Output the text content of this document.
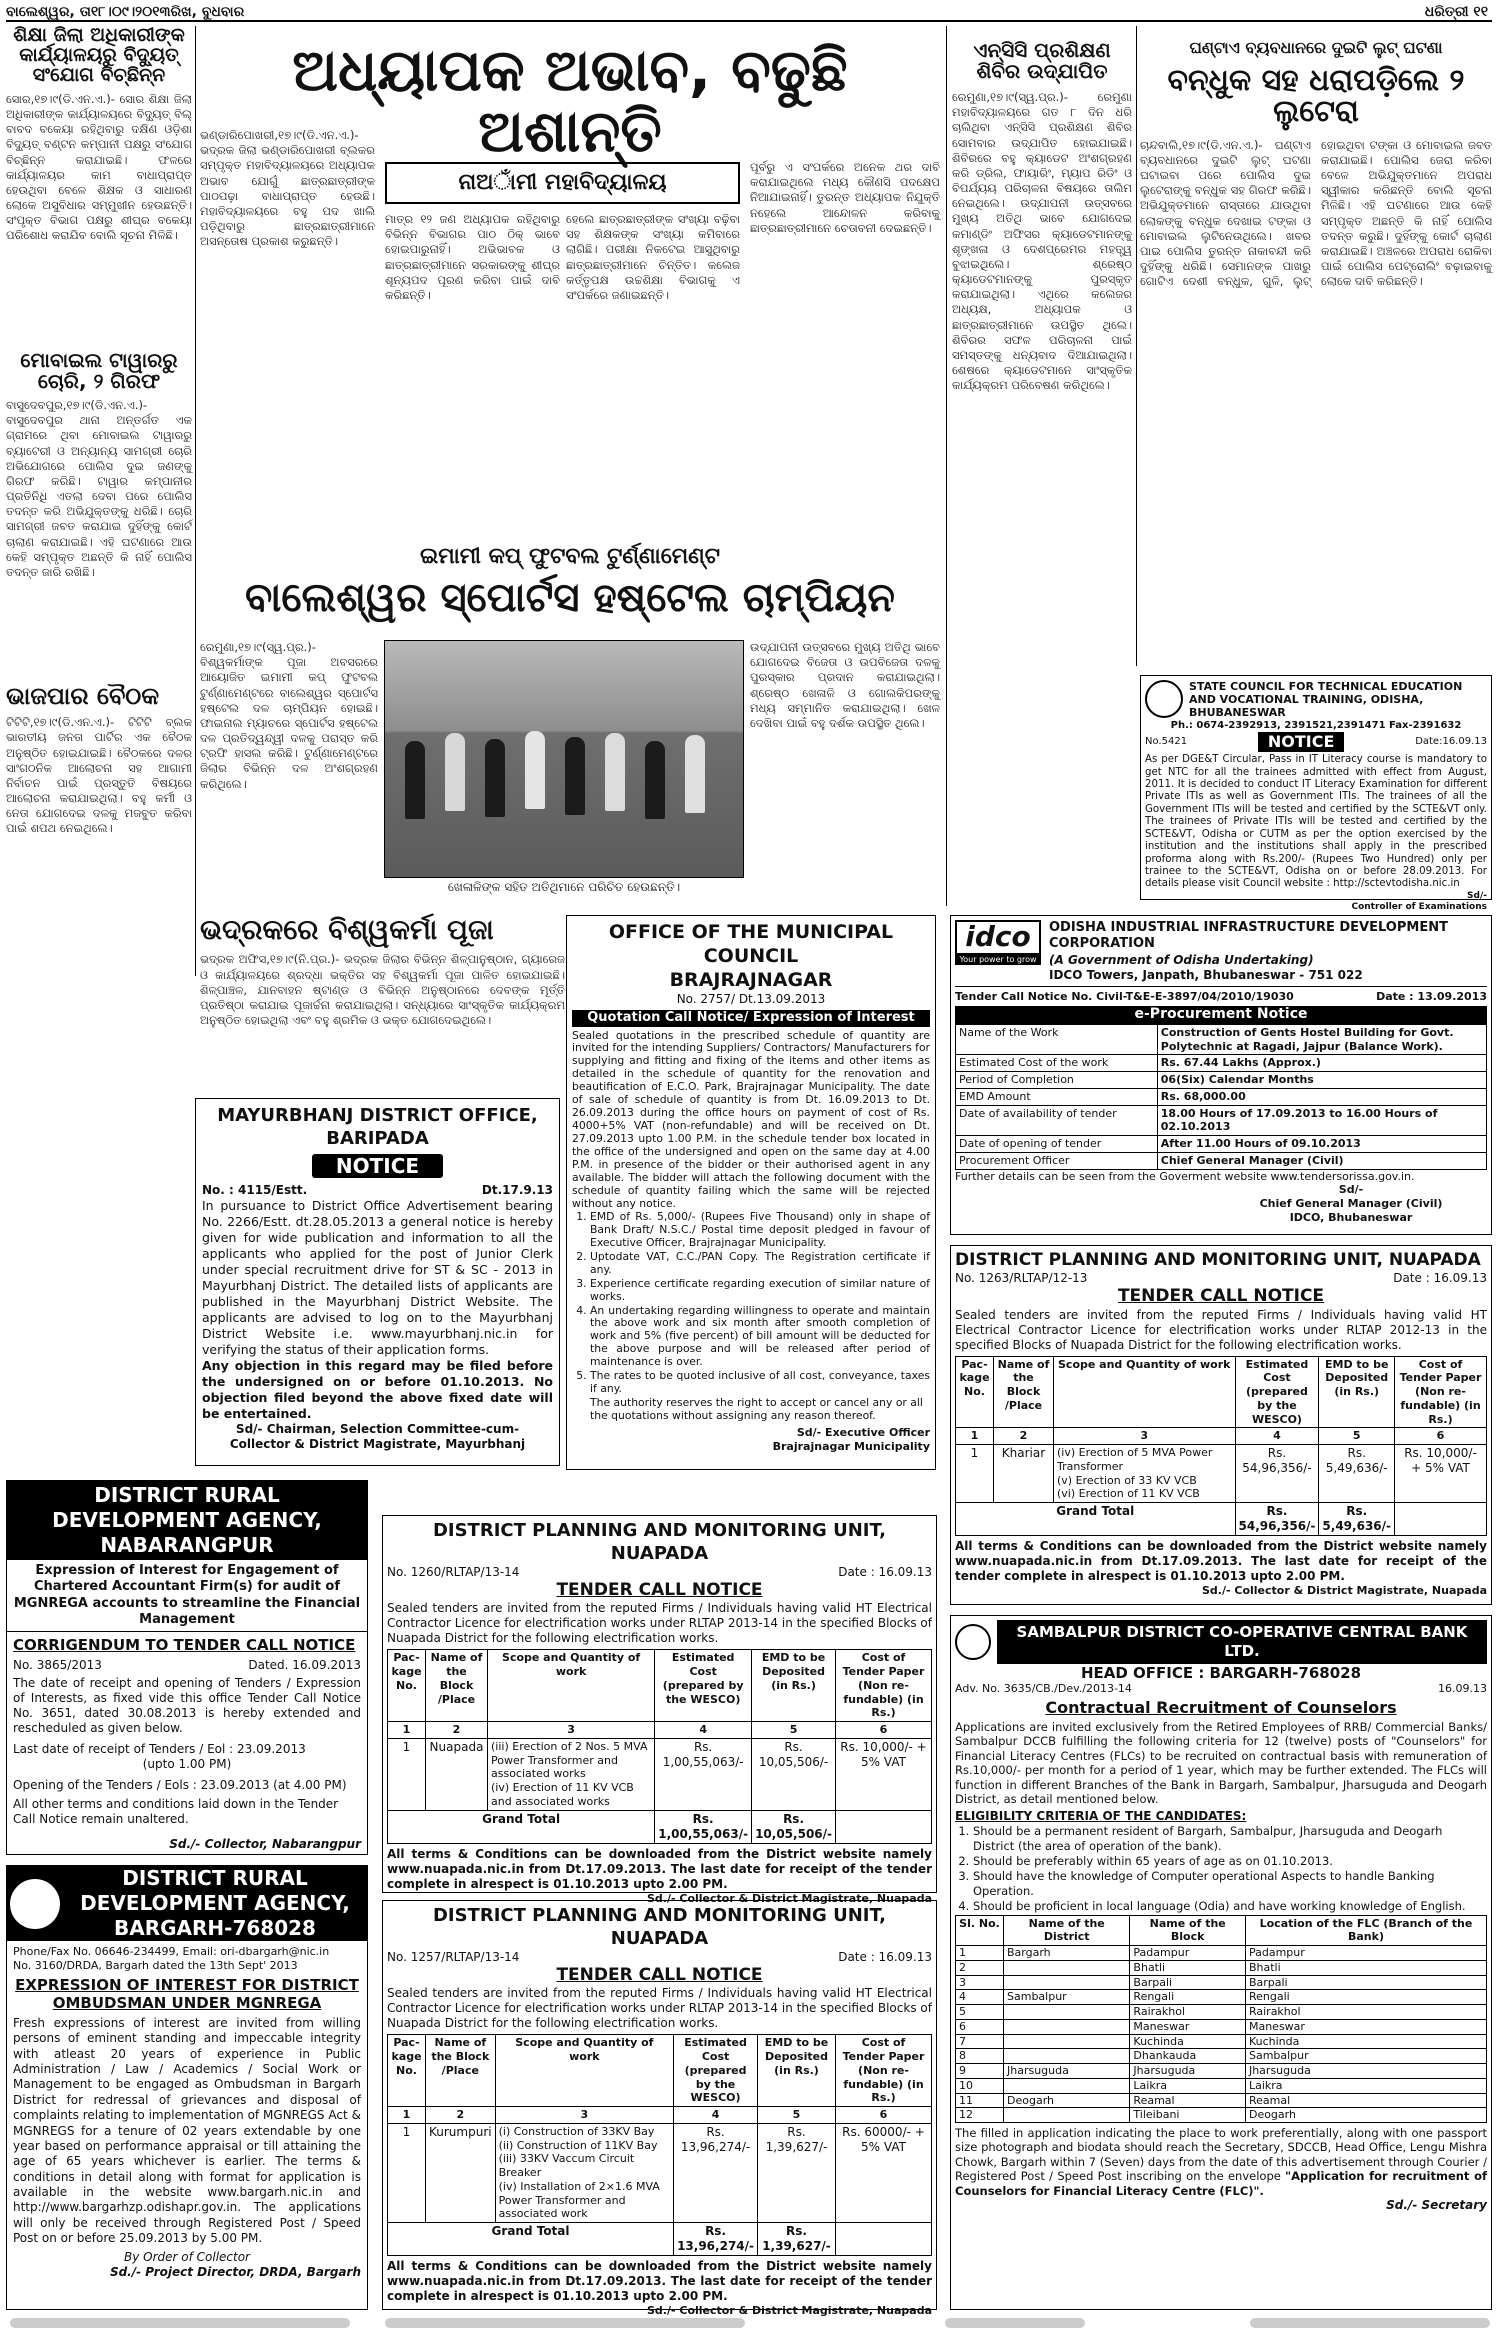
ବାଲେଶ୍ୱର, ତା୧୮।୦୯।୨୦୧୩ରିଖ, ବୁଧବାର	ଧରିତ୍ରୀ ୧୧
ଶିକ୍ଷା ଜିଲା ଅଧିକାରୀଙ୍କ କାର୍ଯ୍ୟାଳୟରୁ ବିଦ୍ୟୁତ୍ ସଂଯୋଗ ବିଚ୍ଛିନ୍ନ
ସୋର,୧୭।୯(ଡି.ଏନ.ଏ.)- ସୋର ଶିକ୍ଷା ଜିଲା ଅଧିକାରୀଙ୍କ କାର୍ଯ୍ୟାଳୟରେ ବିଦ୍ୟୁତ୍ ବିଲ୍ ବାବଦ ବକେୟା ରହିଥିବାରୁ ଦକ୍ଷିଣ ଓଡ଼ିଶା ବିଦ୍ୟୁତ୍ ବଣ୍ଟନ କମ୍ପାନୀ ପକ୍ଷରୁ ସଂଯୋଗ ବିଚ୍ଛିନ୍ନ କରାଯାଇଛି। ଫଳରେ କାର୍ଯ୍ୟାଳୟର କାମ ବାଧାପ୍ରାପ୍ତ ହେଉଥିବା ବେଳେ ଶିକ୍ଷକ ଓ ସାଧାରଣ ଲୋକେ ଅସୁବିଧାର ସମ୍ମୁଖୀନ ହେଉଛନ୍ତି। ସଂପୃକ୍ତ ବିଭାଗ ପକ୍ଷରୁ ଶୀଘ୍ର ବକେୟା ପରିଶୋଧ କରାଯିବ ବୋଲି ସୂଚନା ମିଳିଛି।
ମୋବାଇଲ ଟାୱାରରୁ ଚୋରି, ୨ ଗିରଫ
ବାସୁଦେବପୁର,୧୭।୯(ଡି.ଏନ.ଏ.)- ବାସୁଦେବପୁର ଥାନା ଅନ୍ତର୍ଗତ ଏକ ଗ୍ରାମରେ ଥିବା ମୋବାଇଲ ଟାୱାରରୁ ବ୍ୟାଟେରୀ ଓ ଅନ୍ୟାନ୍ୟ ସାମଗ୍ରୀ ଚୋରି ଅଭିଯୋଗରେ ପୋଲିସ ଦୁଇ ଜଣଙ୍କୁ ଗିରଫ କରିଛି। ଟାୱାର କମ୍ପାନୀର ପ୍ରତିନିଧି ଏତଲା ଦେବା ପରେ ପୋଲିସ ତଦନ୍ତ କରି ଅଭିଯୁକ୍ତଙ୍କୁ ଧରିଛି। ଚୋରି ସାମଗ୍ରୀ ଜବତ କରାଯାଇ ଦୁହିଁଙ୍କୁ କୋର୍ଟ ଚାଲାଣ କରାଯାଇଛି। ଏହି ଘଟଣାରେ ଆଉ କେହି ସମ୍ପୃକ୍ତ ଅଛନ୍ତି କି ନାହିଁ ପୋଲିସ ତଦନ୍ତ ଜାରି ରଖିଛି।
ଭାଜପାର ବୈଠକ
ଟିଟିଟି,୧୭।୯(ଡି.ଏନ.ଏ.)- ଟିଟିଟି ବ୍ଲକ ଭାରତୀୟ ଜନତା ପାର୍ଟିର ଏକ ବୈଠକ ଅନୁଷ୍ଠିତ ହୋଇଯାଇଛି। ବୈଠକରେ ଦଳର ସାଂଗଠନିକ ଆଲୋଚନା ସହ ଆଗାମୀ ନିର୍ବାଚନ ପାଇଁ ପ୍ରସ୍ତୁତି ବିଷୟରେ ଆଲୋଚନା କରାଯାଇଥିଲା। ବହୁ କର୍ମୀ ଓ ନେତା ଯୋଗଦେଇ ଦଳକୁ ମଜବୁତ କରିବା ପାଇଁ ଶପଥ ନେଇଥିଲେ।
ଅଧ୍ୟାପକ ଅଭାବ, ବଢୁଛି ଅଶାନ୍ତି
ଭଣ୍ଡାରିପୋଖରୀ,୧୭।୯(ଡି.ଏନ.ଏ.)- ଭଦ୍ରକ ଜିଲା ଭଣ୍ଡାରିପୋଖରୀ ବ୍ଲକର ସମ୍ପୃକ୍ତ ମହାବିଦ୍ୟାଳୟରେ ଅଧ୍ୟାପକ ଅଭାବ ଯୋଗୁଁ ଛାତ୍ରଛାତ୍ରୀଙ୍କ ପାଠପଢ଼ା ବାଧାପ୍ରାପ୍ତ ହେଉଛି। ମହାବିଦ୍ୟାଳୟରେ ବହୁ ପଦ ଖାଲି ପଡ଼ିଥିବାରୁ ଛାତ୍ରଛାତ୍ରୀମାନେ ଅସନ୍ତୋଷ ପ୍ରକାଶ କରୁଛନ୍ତି।
ନାଅାଁମୀ ମହାବିଦ୍ୟାଳୟ
ମାତ୍ର ୧୨ ଜଣ ଅଧ୍ୟାପକ ରହିଥିବାରୁ ବିଭିନ୍ନ ବିଭାଗର ପାଠ ଠିକ୍ ଭାବେ ହୋଇପାରୁନାହିଁ। ଅଭିଭାବକ ଓ ଛାତ୍ରଛାତ୍ରୀମାନେ ସରକାରଙ୍କୁ ଶୀଘ୍ର ଶୂନ୍ୟପଦ ପୂରଣ କରିବା ପାଇଁ ଦାବି କରିଛନ୍ତି।
ହେଲେ ଛାତ୍ରଛାତ୍ରୀଙ୍କ ସଂଖ୍ୟା ବଢ଼ିବା ସହ ଶିକ୍ଷକଙ୍କ ସଂଖ୍ୟା କମିବାରେ ଲାଗିଛି। ପରୀକ୍ଷା ନିକଟେଇ ଆସୁଥିବାରୁ ଛାତ୍ରଛାତ୍ରୀମାନେ ଚିନ୍ତିତ। କଲେଜ କର୍ତ୍ତୃପକ୍ଷ ଉଚ୍ଚଶିକ୍ଷା ବିଭାଗକୁ ଏ ସଂପର୍କରେ ଜଣାଇଛନ୍ତି।
ପୂର୍ବରୁ ଏ ସଂପର୍କରେ ଅନେକ ଥର ଦାବି କରାଯାଇଥିଲେ ମଧ୍ୟ କୌଣସି ପଦକ୍ଷେପ ନିଆଯାଇନାହିଁ। ତୁରନ୍ତ ଅଧ୍ୟାପକ ନିଯୁକ୍ତି ନହେଲେ ଆନ୍ଦୋଳନ କରିବାକୁ ଛାତ୍ରଛାତ୍ରୀମାନେ ଚେତାବନୀ ଦେଇଛନ୍ତି।
ଏନ୍‌ସିସି ପ୍ରଶିକ୍ଷଣ ଶିବିର ଉଦ୍‌ଯାପିତ
ରେମୁଣା,୧୭।୯(ସ୍ୱ.ପ୍ର.)- ରେମୁଣା ମହାବିଦ୍ୟାଳୟରେ ଗତ ୮ ଦିନ ଧରି ଚାଲିଥିବା ଏନ୍‌ସିସି ପ୍ରଶିକ୍ଷଣ ଶିବିର ସୋମବାର ଉଦ୍‌ଯାପିତ ହୋଇଯାଇଛି। ଶିବିରରେ ବହୁ କ୍ୟାଡେଟ ଅଂଶଗ୍ରହଣ କରି ଡ୍ରିଲ, ଫାୟାରିଂ, ମ୍ୟାପ ରିଡିଂ ଓ ବିପର୍ଯ୍ୟୟ ପରିଚାଳନା ବିଷୟରେ ତାଲିମ ନେଇଥିଲେ। ଉଦ୍‌ଯାପନୀ ଉତ୍ସବରେ ମୁଖ୍ୟ ଅତିଥି ଭାବେ ଯୋଗଦେଇ କମାଣ୍ଡିଂ ଅଫିସର କ୍ୟାଡେଟମାନଙ୍କୁ ଶୃଙ୍ଖଳା ଓ ଦେଶପ୍ରେମର ମହତ୍ତ୍ୱ ବୁଝାଇଥିଲେ। ଶ୍ରେଷ୍ଠ କ୍ୟାଡେଟମାନଙ୍କୁ ପୁରସ୍କୃତ କରାଯାଇଥିଲା। ଏଥିରେ କଲେଜର ଅଧ୍ୟକ୍ଷ, ଅଧ୍ୟାପକ ଓ ଛାତ୍ରଛାତ୍ରୀମାନେ ଉପସ୍ଥିତ ଥିଲେ। ଶିବିରର ସଫଳ ପରିଚାଳନା ପାଇଁ ସମସ୍ତଙ୍କୁ ଧନ୍ୟବାଦ ଦିଆଯାଇଥିଲା। ଶେଷରେ କ୍ୟାଡେଟମାନେ ସାଂସ୍କୃତିକ କାର୍ଯ୍ୟକ୍ରମ ପରିବେଷଣ କରିଥିଲେ।
ଘଣ୍ଟାଏ ବ୍ୟବଧାନରେ ଦୁଇଟି ଲୁଟ୍ ଘଟଣା
ବନ୍ଧୁକ ସହ ଧରାପଡ଼ିଲେ ୨ ଲୁଟେରା
ଚାନ୍ଦବାଲି,୧୭।୯(ଡି.ଏନ.ଏ.)- ଘଣ୍ଟାଏ ବ୍ୟବଧାନରେ ଦୁଇଟି ଲୁଟ୍ ଘଟଣା ଘଟାଇବା ପରେ ପୋଲିସ ଦୁଇ ଲୁଟେରାଙ୍କୁ ବନ୍ଧୁକ ସହ ଗିରଫ କରିଛି। ଅଭିଯୁକ୍ତମାନେ ରାସ୍ତାରେ ଯାଉଥିବା ଲୋକଙ୍କୁ ବନ୍ଧୁକ ଦେଖାଇ ଟଙ୍କା ଓ ମୋବାଇଲ ଲୁଟିନେଉଥିଲେ। ଖବର ପାଇ ପୋଲିସ ତୁରନ୍ତ ନାକାବନ୍ଦୀ କରି ଦୁହିଁଙ୍କୁ ଧରିଛି। ସେମାନଙ୍କ ପାଖରୁ ଗୋଟିଏ ଦେଶୀ ବନ୍ଧୁକ, ଗୁଳି, ଲୁଟ୍ ହୋଇଥିବା ଟଙ୍କା ଓ ମୋବାଇଲ ଜବତ କରାଯାଇଛି। ପୋଲିସ ଜେରା କରିବା ବେଳେ ଅଭିଯୁକ୍ତମାନେ ଅପରାଧ ସ୍ୱୀକାର କରିଛନ୍ତି ବୋଲି ସୂଚନା ମିଳିଛି। ଏହି ଘଟଣାରେ ଆଉ କେହି ସମ୍ପୃକ୍ତ ଅଛନ୍ତି କି ନାହିଁ ପୋଲିସ ତଦନ୍ତ କରୁଛି। ଦୁହିଁଙ୍କୁ କୋର୍ଟ ଚାଲାଣ କରାଯାଇଛି। ଅଞ୍ଚଳରେ ଅପରାଧ ରୋକିବା ପାଇଁ ପୋଲିସ ପେଟ୍ରୋଲିଂ ବଢ଼ାଇବାକୁ ଲୋକେ ଦାବି କରିଛନ୍ତି।
ଇମାମୀ କପ୍ ଫୁଟବଲ ଟୁର୍ଣ୍ଣାମେଣ୍ଟ
ବାଲେଶ୍ୱର ସ୍ପୋର୍ଟସ ହଷ୍ଟେଲ ଚାମ୍ପିୟନ
ରେମୁଣା,୧୭।୯(ସ୍ୱ.ପ୍ର.)- ବିଶ୍ୱକର୍ମାଙ୍କ ପୂଜା ଅବସରରେ ଆୟୋଜିତ ଇମାମୀ କପ୍ ଫୁଟବଲ ଟୁର୍ଣ୍ଣାମେଣ୍ଟରେ ବାଲେଶ୍ୱର ସ୍ପୋର୍ଟସ ହଷ୍ଟେଲ ଦଳ ଚାମ୍ପିୟନ ହୋଇଛି। ଫାଇନାଲ ମ୍ୟାଚରେ ସ୍ପୋର୍ଟସ ହଷ୍ଟେଲ ଦଳ ପ୍ରତିଦ୍ୱନ୍ଦ୍ୱୀ ଦଳକୁ ପରାସ୍ତ କରି ଟ୍ରଫି ହାସଲ କରିଛି। ଟୁର୍ଣ୍ଣାମେଣ୍ଟରେ ଜିଲାର ବିଭିନ୍ନ ଦଳ ଅଂଶଗ୍ରହଣ କରିଥିଲେ।
ଖେଳାଳିଙ୍କ ସହିତ ଅତିଥିମାନେ ପରିଚିତ ହେଉଛନ୍ତି।
ଉଦ୍‌ଯାପନୀ ଉତ୍ସବରେ ମୁଖ୍ୟ ଅତିଥି ଭାବେ ଯୋଗଦେଇ ବିଜେତା ଓ ଉପବିଜେତା ଦଳକୁ ପୁରସ୍କାର ପ୍ରଦାନ କରାଯାଇଥିଲା। ଶ୍ରେଷ୍ଠ ଖେଳାଳି ଓ ଗୋଲକିପରଙ୍କୁ ମଧ୍ୟ ସମ୍ମାନିତ କରାଯାଇଥିଲା। ଖେଳ ଦେଖିବା ପାଇଁ ବହୁ ଦର୍ଶକ ଉପସ୍ଥିତ ଥିଲେ।
STATE COUNCIL FOR TECHNICAL EDUCATION AND VOCATIONAL TRAINING, ODISHA, BHUBANESWAR
Ph.: 0674-2392913, 2391521,2391471 Fax-2391632
No.5421	NOTICE	Date:16.09.13
As per DGE&T Circular, Pass in IT Literacy course is mandatory to get NTC for all the trainees admitted with effect from August, 2011. It is decided to conduct IT Literacy Examination for different Private ITIs as well as Government ITIs. The trainees of all the Government ITIs will be tested and certified by the SCTE&VT only. The trainees of Private ITIs will be tested and certified by the SCTE&VT, Odisha or CUTM as per the option exercised by the institution and the institutions shall apply in the prescribed proforma along with Rs.200/- (Rupees Two Hundred) only per trainee to the SCTE&VT, Odisha on or before 28.09.2013. For details please visit Council website : http://sctevtodisha.nic.in
Sd/-
Controller of Examinations
ଭଦ୍ରକରେ ବିଶ୍ୱକର୍ମା ପୂଜା
ଭଦ୍ରକ ଅଫିସ,୧୭।୯(ନି.ପ୍ର.)- ଭଦ୍ରକ ଜିଲାର ବିଭିନ୍ନ ଶିଳ୍ପାନୁଷ୍ଠାନ, ଗ୍ୟାରେଜ ଓ କାର୍ଯ୍ୟାଳୟରେ ଶ୍ରଦ୍ଧା ଭକ୍ତିର ସହ ବିଶ୍ୱକର୍ମା ପୂଜା ପାଳିତ ହୋଇଯାଇଛି। ଶିଳ୍ପାଞ୍ଚଳ, ଯାନବାହନ ଷ୍ଟାଣ୍ଡ ଓ ବିଭିନ୍ନ ଅନୁଷ୍ଠାନରେ ଦେବଙ୍କ ମୂର୍ତ୍ତି ପ୍ରତିଷ୍ଠା କରାଯାଇ ପୂଜାର୍ଚ୍ଚନା କରାଯାଇଥିଲା। ସନ୍ଧ୍ୟାରେ ସାଂସ୍କୃତିକ କାର୍ଯ୍ୟକ୍ରମ ଅନୁଷ୍ଠିତ ହୋଇଥିଲା ଏବଂ ବହୁ ଶ୍ରମିକ ଓ ଭକ୍ତ ଯୋଗଦେଇଥିଲେ।
MAYURBHANJ DISTRICT OFFICE, BARIPADA
NOTICE
No. : 4115/Estt.	Dt.17.9.13
In pursuance to District Office Advertisement bearing No. 2266/Estt. dt.28.05.2013 a general notice is hereby given for wide publication and information to all the applicants who applied for the post of Junior Clerk under special recruitment drive for ST & SC - 2013 in Mayurbhanj District. The detailed lists of applicants are published in the Mayurbhanj District Website. The applicants are advised to log on to the Mayurbhanj District Website i.e. www.mayurbhanj.nic.in for verifying the status of their application forms.
Any objection in this regard may be filed before the undersigned on or before 01.10.2013. No objection filed beyond the above fixed date will be entertained.
Sd/- Chairman, Selection Committee-cum-
Collector & District Magistrate, Mayurbhanj
OFFICE OF THE MUNICIPAL COUNCIL
BRAJRAJNAGAR
No. 2757/ Dt.13.09.2013
Quotation Call Notice/ Expression of Interest
Sealed quotations in the prescribed schedule of quantity are invited for the intending Suppliers/ Contractors/ Manufacturers for supplying and fitting and fixing of the items and other items as detailed in the schedule of quantity for the renovation and beautification of E.C.O. Park, Brajrajnagar Municipality. The date of sale of schedule of quantity is from Dt. 16.09.2013 to Dt. 26.09.2013 during the office hours on payment of cost of Rs. 4000+5% VAT (non-refundable) and will be received on Dt. 27.09.2013 upto 1.00 P.M. in the schedule tender box located in the office of the undersigned and open on the same day at 4.00 P.M. in presence of the bidder or their authorised agent in any available. The bidder will attach the following document with the schedule of quantity failing which the same will be rejected without any notice.
1. EMD of Rs. 5,000/- (Rupees Five Thousand) only in shape of Bank Draft/ N.S.C./ Postal time deposit pledged in favour of Executive Officer, Brajrajnagar Municipality.
2. Uptodate VAT, C.C./PAN Copy. The Registration certificate if any.
3. Experience certificate regarding execution of similar nature of works.
4. An undertaking regarding willingness to operate and maintain the above work and six month after smooth completion of work and 5% (five percent) of bill amount will be deducted for the above purpose and will be released after period of maintenance is over.
5. The rates to be quoted inclusive of all cost, conveyance, taxes if any.
The authority reserves the right to accept or cancel any or all the quotations without assigning any reason thereof.
Sd/- Executive Officer
Brajrajnagar Municipality
idco
Your power to grow
ODISHA INDUSTRIAL INFRASTRUCTURE DEVELOPMENT CORPORATION
(A Government of Odisha Undertaking)
IDCO Towers, Janpath, Bhubaneswar - 751 022
Tender Call Notice No. Civil-T&E-E-3897/04/2010/19030	Date : 13.09.2013
e-Procurement Notice
Name of the Work	Construction of Gents Hostel Building for Govt. Polytechnic at Ragadi, Jajpur (Balance Work).
Estimated Cost of the work	Rs. 67.44 Lakhs (Approx.)
Period of Completion	06(Six) Calendar Months
EMD Amount	Rs. 68,000.00
Date of availability of tender	18.00 Hours of 17.09.2013 to 16.00 Hours of 02.10.2013
Date of opening of tender	After 11.00 Hours of 09.10.2013
Procurement Officer	Chief General Manager (Civil)
Further details can be seen from the Goverment website www.tendersorissa.gov.in.
Sd/-
Chief General Manager (Civil)
IDCO, Bhubaneswar
DISTRICT PLANNING AND MONITORING UNIT, NUAPADA
No. 1263/RLTAP/12-13	Date : 16.09.13
TENDER CALL NOTICE
Sealed tenders are invited from the reputed Firms / Individuals having valid HT Electrical Contractor Licence for electrification works under RLTAP 2012-13 in the specified Blocks of Nuapada District for the following electrification works.
Pac-kage No.	Name of the Block /Place	Scope and Quantity of work	Estimated Cost (prepared by the WESCO)	EMD to be Deposited (in Rs.)	Cost of Tender Paper (Non re-fundable) (in Rs.)
1	2	3	4	5	6
1	Khariar	(iv) Erection of 5 MVA Power Transformer
(v) Erection of 33 KV VCB
(vi) Erection of 11 KV VCB	Rs. 54,96,356/-	Rs. 5,49,636/-	Rs. 10,000/- + 5% VAT
Grand Total			Rs. 54,96,356/-	Rs. 5,49,636/-	
All terms & Conditions can be downloaded from the District website namely www.nuapada.nic.in from Dt.17.09.2013. The last date for receipt of the tender complete in alrespect is 01.10.2013 upto 2.00 PM.
Sd./- Collector & District Magistrate, Nuapada
DISTRICT RURAL DEVELOPMENT AGENCY, NABARANGPUR
Expression of Interest for Engagement of Chartered Accountant Firm(s) for audit of MGNREGA accounts to streamline the Financial Management
CORRIGENDUM TO TENDER CALL NOTICE
No. 3865/2013	Dated. 16.09.2013
The date of receipt and opening of Tenders / Expression of Interests, as fixed vide this office Tender Call Notice No. 3651, dated 30.08.2013 is hereby extended and rescheduled as given below.
Last date of receipt of Tenders / Eol : 23.09.2013
(upto 1.00 PM)
Opening of the Tenders / Eols : 23.09.2013 (at 4.00 PM)
All other terms and conditions laid down in the Tender Call Notice remain unaltered.
Sd./- Collector, Nabarangpur
DISTRICT RURAL DEVELOPMENT AGENCY, BARGARH-768028
Phone/Fax No. 06646-234499, Email: ori-dbargarh@nic.in
No. 3160/DRDA, Bargarh dated the 13th Sept' 2013
EXPRESSION OF INTEREST FOR DISTRICT OMBUDSMAN UNDER MGNREGA
Fresh expressions of interest are invited from willing persons of eminent standing and impeccable integrity with atleast 20 years of experience in Public Administration / Law / Academics / Social Work or Management to be engaged as Ombudsman in Bargarh District for redressal of grievances and disposal of complaints relating to implementation of MGNREGS Act & MGNREGS for a tenure of 02 years extendable by one year based on performance appraisal or till attaining the age of 65 years whichever is earlier. The terms & conditions in detail along with format for application is available in the website www.bargarh.nic.in and http://www.bargarhzp.odishapr.gov.in. The applications will only be received through Registered Post / Speed Post on or before 25.09.2013 by 5.00 PM.
By Order of Collector
Sd./- Project Director, DRDA, Bargarh
DISTRICT PLANNING AND MONITORING UNIT, NUAPADA
No. 1260/RLTAP/13-14	Date : 16.09.13
TENDER CALL NOTICE
Sealed tenders are invited from the reputed Firms / Individuals having valid HT Electrical Contractor Licence for electrification works under RLTAP 2013-14 in the specified Blocks of Nuapada District for the following electrification works.
Pac-kage No.	Name of the Block /Place	Scope and Quantity of work	Estimated Cost (prepared by the WESCO)	EMD to be Deposited (in Rs.)	Cost of Tender Paper (Non re-fundable) (in Rs.)
1	2	3	4	5	6
1	Nuapada	(iii) Erection of 2 Nos. 5 MVA Power Transformer and associated works
(iv) Erection of 11 KV VCB and associated works	Rs. 1,00,55,063/-	Rs. 10,05,506/-	Rs. 10,000/- + 5% VAT
Grand Total			Rs. 1,00,55,063/-	Rs. 10,05,506/-	
All terms & Conditions can be downloaded from the District website namely www.nuapada.nic.in from Dt.17.09.2013. The last date for receipt of the tender complete in alrespect is 01.10.2013 upto 2.00 PM.
Sd./- Collector & District Magistrate, Nuapada
DISTRICT PLANNING AND MONITORING UNIT, NUAPADA
No. 1257/RLTAP/13-14	Date : 16.09.13
TENDER CALL NOTICE
Sealed tenders are invited from the reputed Firms / Individuals having valid HT Electrical Contractor Licence for electrification works under RLTAP 2013-14 in the specified Blocks of Nuapada District for the following electrification works.
Pac-kage No.	Name of the Block /Place	Scope and Quantity of work	Estimated Cost (prepared by the WESCO)	EMD to be Deposited (in Rs.)	Cost of Tender Paper (Non re-fundable) (in Rs.)
1	2	3	4	5	6
1	Kurumpuri	(i) Construction of 33KV Bay
(ii) Construction of 11KV Bay
(iii) 33KV Vaccum Circuit Breaker
(iv) Installation of 2×1.6 MVA Power Transformer and associated work	Rs. 13,96,274/-	Rs. 1,39,627/-	Rs. 60000/- + 5% VAT
Grand Total			Rs. 13,96,274/-	Rs. 1,39,627/-	
All terms & Conditions can be downloaded from the District website namely www.nuapada.nic.in from Dt.17.09.2013. The last date for receipt of the tender complete in alrespect is 01.10.2013 upto 2.00 PM.
Sd./- Collector & District Magistrate, Nuapada
SAMBALPUR DISTRICT CO-OPERATIVE CENTRAL BANK LTD.
HEAD OFFICE : BARGARH-768028
Adv. No. 3635/CB./Dev./2013-14	16.09.13
Contractual Recruitment of Counselors
Applications are invited exclusively from the Retired Employees of RRB/ Commercial Banks/ Sambalpur DCCB fulfilling the following criteria for 12 (twelve) posts of "Counselors" for Financial Literacy Centres (FLCs) to be recruited on contractual basis with remuneration of Rs.10,000/- per month for a period of 1 year, which may be further extended. The FLCs will function in different Branches of the Bank in Bargarh, Sambalpur, Jharsuguda and Deogarh District, as detail mentioned below.
ELIGIBILITY CRITERIA OF THE CANDIDATES:
1. Should be a permanent resident of Bargarh, Sambalpur, Jharsuguda and Deogarh District (the area of operation of the bank).
2. Should be preferably within 65 years of age as on 01.10.2013.
3. Should have the knowledge of Computer operational Aspects to handle Banking Operation.
4. Should be proficient in local language (Odia) and have working knowledge of English.
Sl. No.	Name of the District	Name of the Block	Location of the FLC (Branch of the Bank)
1	Bargarh	Padampur	Padampur
2		Bhatli	Bhatli
3		Barpali	Barpali
4	Sambalpur	Rengali	Rengali
5		Rairakhol	Rairakhol
6		Maneswar	Maneswar
7		Kuchinda	Kuchinda
8		Dhankauda	Sambalpur
9	Jharsuguda	Jharsuguda	Jharsuguda
10		Laikra	Laikra
11	Deogarh	Reamal	Reamal
12		Tileibani	Deogarh
The filled in application indicating the place to work preferentially, along with one passport size photograph and biodata should reach the Secretary, SDCCB, Head Office, Lengu Mishra Chowk, Bargarh within 7 (Seven) days from the date of this advertisement through Courier / Registered Post / Speed Post inscribing on the envelope "Application for recruitment of Counselors for Financial Literacy Centre (FLC)".
Sd./- Secretary
